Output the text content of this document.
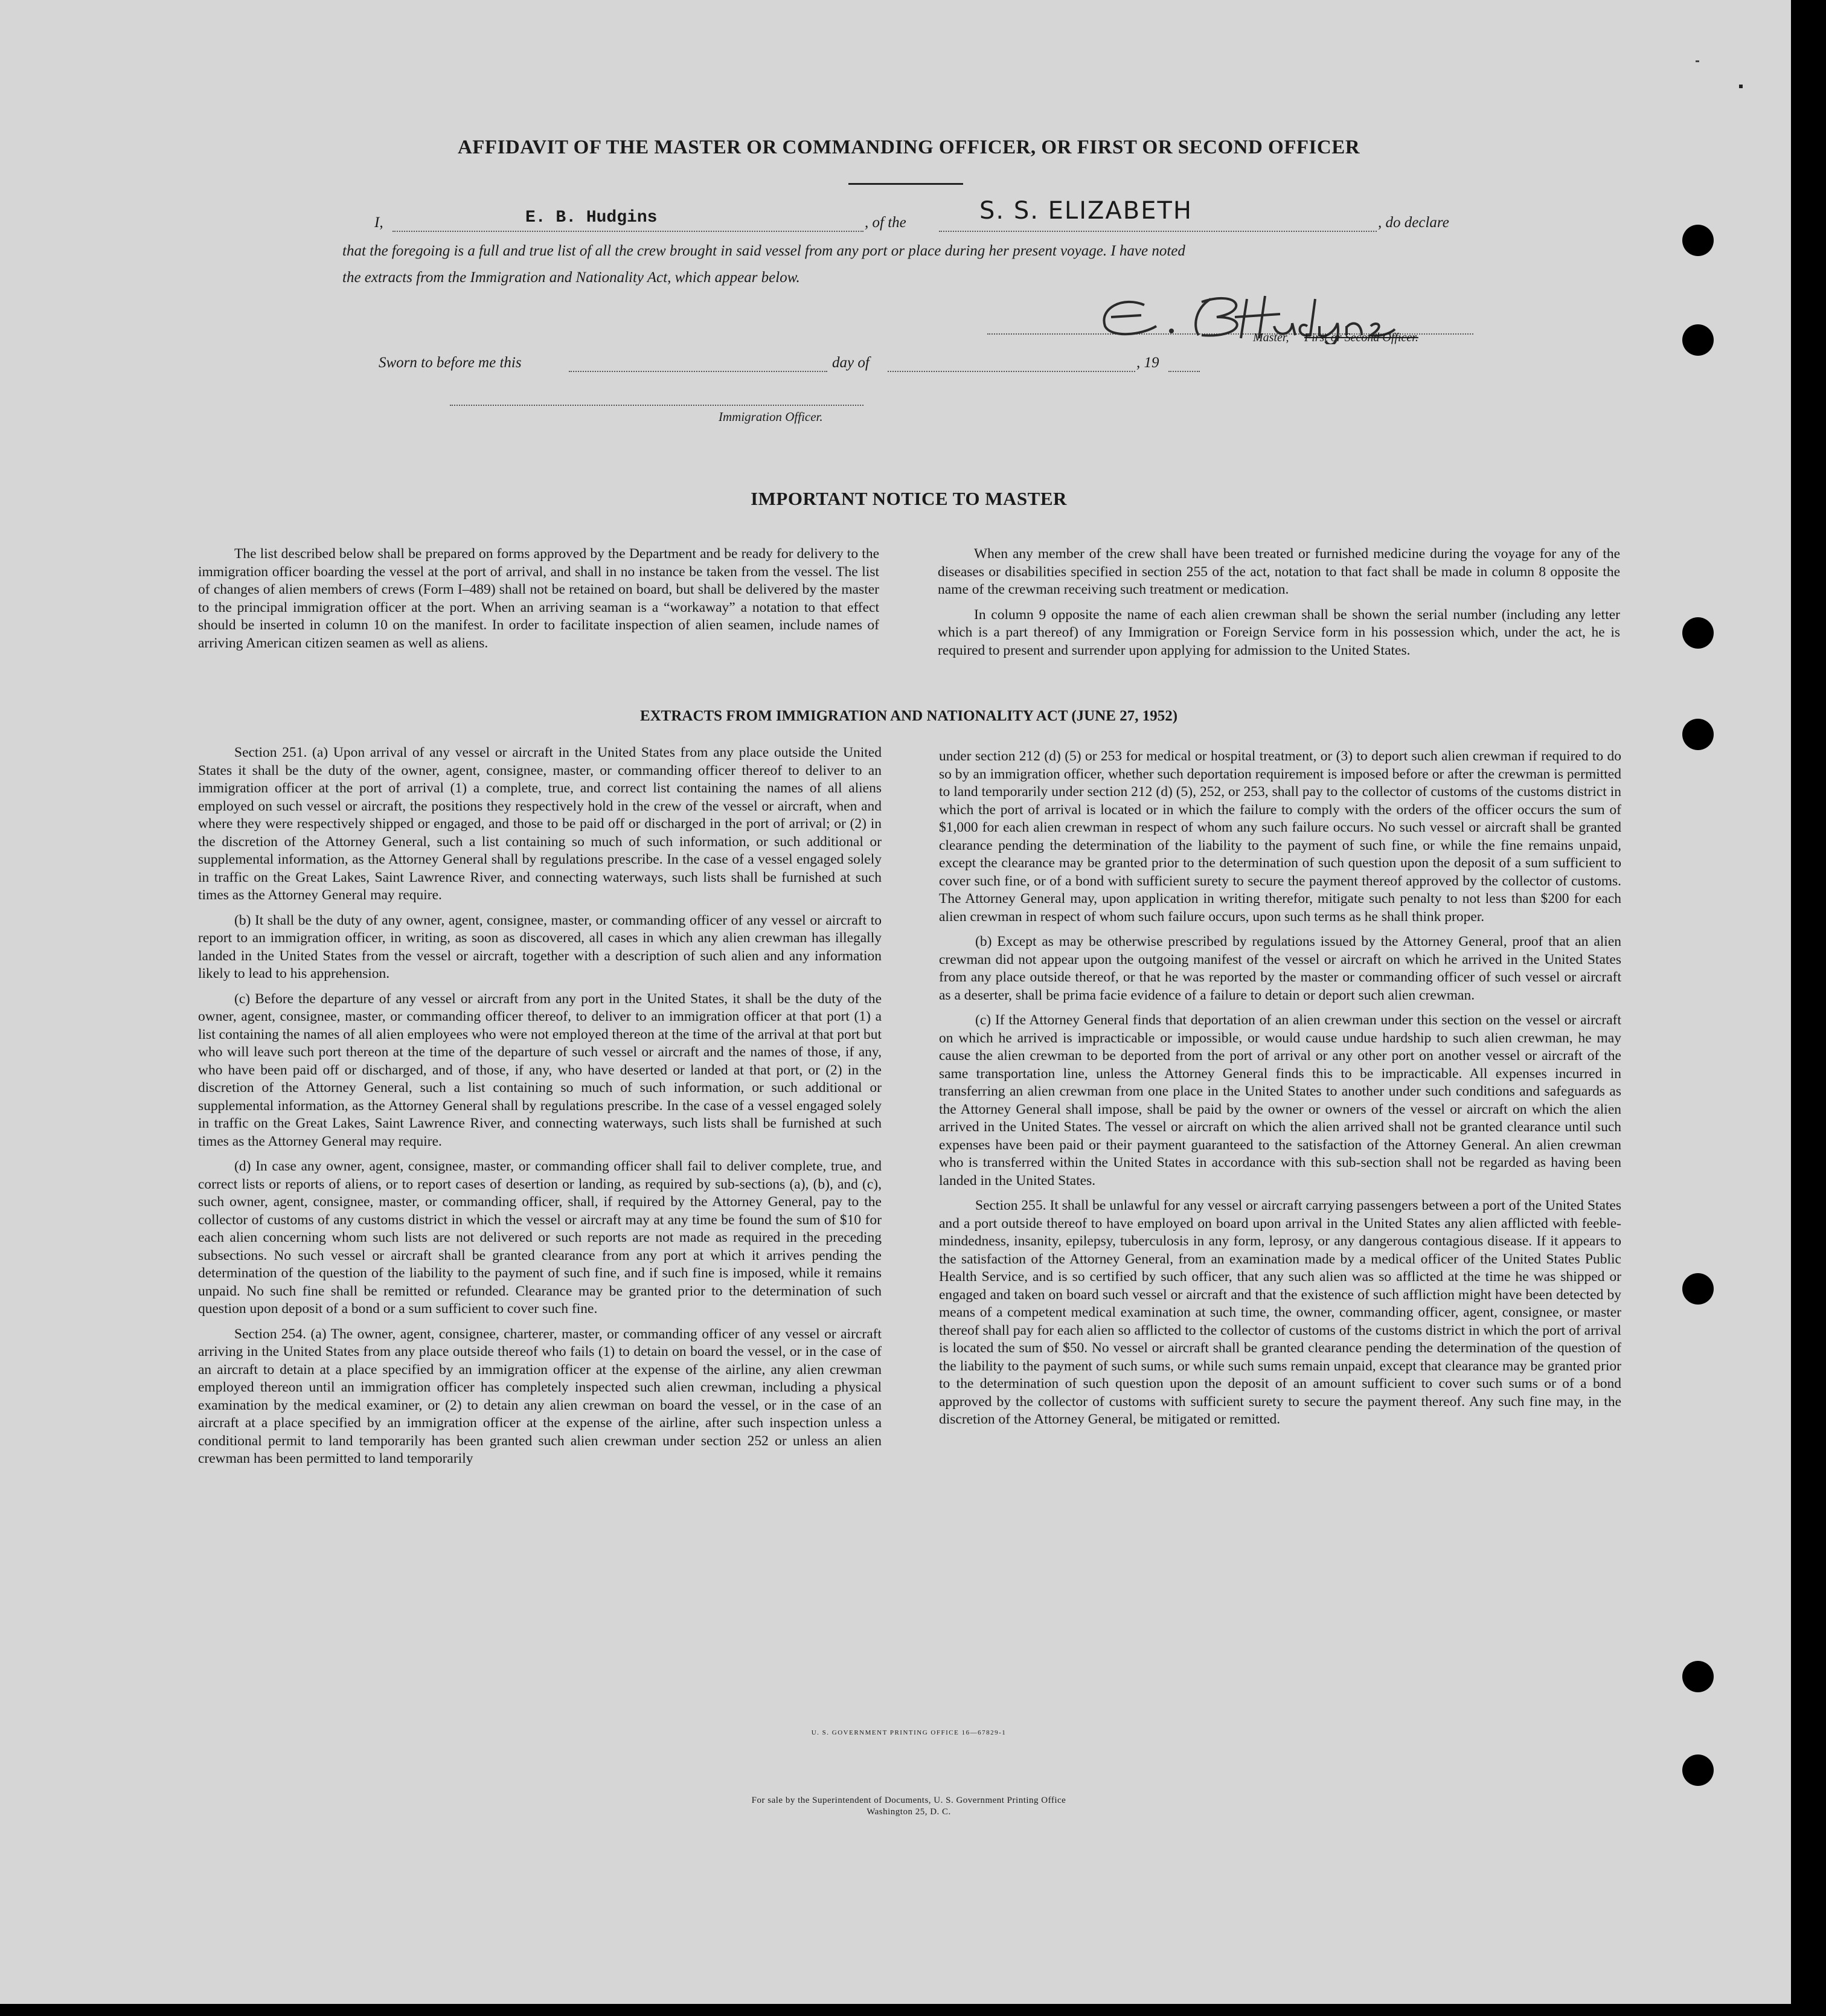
AFFIDAVIT OF THE MASTER OR COMMANDING OFFICER, OR FIRST OR SECOND OFFICER
I,	E. B. Hudgins	, of the	S. S. ELIZABETH	, do declare
that the foregoing is a full and true list of all the crew brought in said vessel from any port or place during her present voyage. I have noted
the extracts from the Immigration and Nationality Act, which appear below.
Master, First or Second Officer.
Sworn to before me this	day of	, 19
Immigration Officer.
IMPORTANT NOTICE TO MASTER

The list described below shall be prepared on forms approved by the Department and be ready for delivery to the immigration officer boarding the vessel at the port of arrival, and shall in no instance be taken from the vessel. The list of changes of alien members of crews (Form I–489) shall not be retained on board, but shall be delivered by the master to the principal immigration officer at the port. When an arriving seaman is a “workaway” a notation to that effect should be inserted in column 10 on the manifest. In order to facilitate inspection of alien seamen, include names of arriving American citizen seamen as well as aliens.

When any member of the crew shall have been treated or furnished medicine during the voyage for any of the diseases or disabilities specified in section 255 of the act, notation to that fact shall be made in column 8 opposite the name of the crewman receiving such treatment or medication.

In column 9 opposite the name of each alien crewman shall be shown the serial number (including any letter which is a part thereof) of any Immigration or Foreign Service form in his possession which, under the act, he is required to present and surrender upon applying for admission to the United States.

EXTRACTS FROM IMMIGRATION AND NATIONALITY ACT (JUNE 27, 1952)

Section 251. (a) Upon arrival of any vessel or aircraft in the United States from any place outside the United States it shall be the duty of the owner, agent, consignee, master, or commanding officer thereof to deliver to an immigration officer at the port of arrival (1) a complete, true, and correct list containing the names of all aliens employed on such vessel or aircraft, the positions they respectively hold in the crew of the vessel or aircraft, when and where they were respectively shipped or engaged, and those to be paid off or discharged in the port of arrival; or (2) in the discretion of the Attorney General, such a list containing so much of such information, or such additional or supplemental information, as the Attorney General shall by regulations prescribe. In the case of a vessel engaged solely in traffic on the Great Lakes, Saint Lawrence River, and connecting waterways, such lists shall be furnished at such times as the Attorney General may require.

(b) It shall be the duty of any owner, agent, consignee, master, or commanding officer of any vessel or aircraft to report to an immigration officer, in writing, as soon as discovered, all cases in which any alien crewman has illegally landed in the United States from the vessel or aircraft, together with a description of such alien and any information likely to lead to his apprehension.

(c) Before the departure of any vessel or aircraft from any port in the United States, it shall be the duty of the owner, agent, consignee, master, or commanding officer thereof, to deliver to an immigration officer at that port (1) a list containing the names of all alien employees who were not employed thereon at the time of the arrival at that port but who will leave such port thereon at the time of the departure of such vessel or aircraft and the names of those, if any, who have been paid off or discharged, and of those, if any, who have deserted or landed at that port, or (2) in the discretion of the Attorney General, such a list containing so much of such information, or such additional or supplemental information, as the Attorney General shall by regulations prescribe. In the case of a vessel engaged solely in traffic on the Great Lakes, Saint Lawrence River, and connecting waterways, such lists shall be furnished at such times as the Attorney General may require.

(d) In case any owner, agent, consignee, master, or commanding officer shall fail to deliver complete, true, and correct lists or reports of aliens, or to report cases of desertion or landing, as required by sub-sections (a), (b), and (c), such owner, agent, consignee, master, or commanding officer, shall, if required by the Attorney General, pay to the collector of customs of any customs district in which the vessel or aircraft may at any time be found the sum of $10 for each alien concerning whom such lists are not delivered or such reports are not made as required in the preceding subsections. No such vessel or aircraft shall be granted clearance from any port at which it arrives pending the determination of the question of the liability to the payment of such fine, and if such fine is imposed, while it remains unpaid. No such fine shall be remitted or refunded. Clearance may be granted prior to the determination of such question upon deposit of a bond or a sum sufficient to cover such fine.

Section 254. (a) The owner, agent, consignee, charterer, master, or commanding officer of any vessel or aircraft arriving in the United States from any place outside thereof who fails (1) to detain on board the vessel, or in the case of an aircraft to detain at a place specified by an immigration officer at the expense of the airline, any alien crewman employed thereon until an immigration officer has completely inspected such alien crewman, including a physical examination by the medical examiner, or (2) to detain any alien crewman on board the vessel, or in the case of an aircraft at a place specified by an immigration officer at the expense of the airline, after such inspection unless a conditional permit to land temporarily has been granted such alien crewman under section 252 or unless an alien crewman has been permitted to land temporarily

under section 212 (d) (5) or 253 for medical or hospital treatment, or (3) to deport such alien crewman if required to do so by an immigration officer, whether such deportation requirement is imposed before or after the crewman is permitted to land temporarily under section 212 (d) (5), 252, or 253, shall pay to the collector of customs of the customs district in which the port of arrival is located or in which the failure to comply with the orders of the officer occurs the sum of $1,000 for each alien crewman in respect of whom any such failure occurs. No such vessel or aircraft shall be granted clearance pending the determination of the liability to the payment of such fine, or while the fine remains unpaid, except the clearance may be granted prior to the determination of such question upon the deposit of a sum sufficient to cover such fine, or of a bond with sufficient surety to secure the payment thereof approved by the collector of customs. The Attorney General may, upon application in writing therefor, mitigate such penalty to not less than $200 for each alien crewman in respect of whom such failure occurs, upon such terms as he shall think proper.

(b) Except as may be otherwise prescribed by regulations issued by the Attorney General, proof that an alien crewman did not appear upon the outgoing manifest of the vessel or aircraft on which he arrived in the United States from any place outside thereof, or that he was reported by the master or commanding officer of such vessel or aircraft as a deserter, shall be prima facie evidence of a failure to detain or deport such alien crewman.

(c) If the Attorney General finds that deportation of an alien crewman under this section on the vessel or aircraft on which he arrived is impracticable or impossible, or would cause undue hardship to such alien crewman, he may cause the alien crewman to be deported from the port of arrival or any other port on another vessel or aircraft of the same transportation line, unless the Attorney General finds this to be impracticable. All expenses incurred in transferring an alien crewman from one place in the United States to another under such conditions and safeguards as the Attorney General shall impose, shall be paid by the owner or owners of the vessel or aircraft on which the alien arrived in the United States. The vessel or aircraft on which the alien arrived shall not be granted clearance until such expenses have been paid or their payment guaranteed to the satisfaction of the Attorney General. An alien crewman who is transferred within the United States in accordance with this sub-section shall not be regarded as having been landed in the United States.

Section 255. It shall be unlawful for any vessel or aircraft carrying passengers between a port of the United States and a port outside thereof to have employed on board upon arrival in the United States any alien afflicted with feeble-mindedness, insanity, epilepsy, tuberculosis in any form, leprosy, or any dangerous contagious disease. If it appears to the satisfaction of the Attorney General, from an examination made by a medical officer of the United States Public Health Service, and is so certified by such officer, that any such alien was so afflicted at the time he was shipped or engaged and taken on board such vessel or aircraft and that the existence of such affliction might have been detected by means of a competent medical examination at such time, the owner, commanding officer, agent, consignee, or master thereof shall pay for each alien so afflicted to the collector of customs of the customs district in which the port of arrival is located the sum of $50. No vessel or aircraft shall be granted clearance pending the determination of the question of the liability to the payment of such sums, or while such sums remain unpaid, except that clearance may be granted prior to the determination of such question upon the deposit of an amount sufficient to cover such sums or of a bond approved by the collector of customs with sufficient surety to secure the payment thereof. Any such fine may, in the discretion of the Attorney General, be mitigated or remitted.

U. S. GOVERNMENT PRINTING OFFICE 16—67829-1
For sale by the Superintendent of Documents, U. S. Government Printing Office
Washington 25, D. C.
